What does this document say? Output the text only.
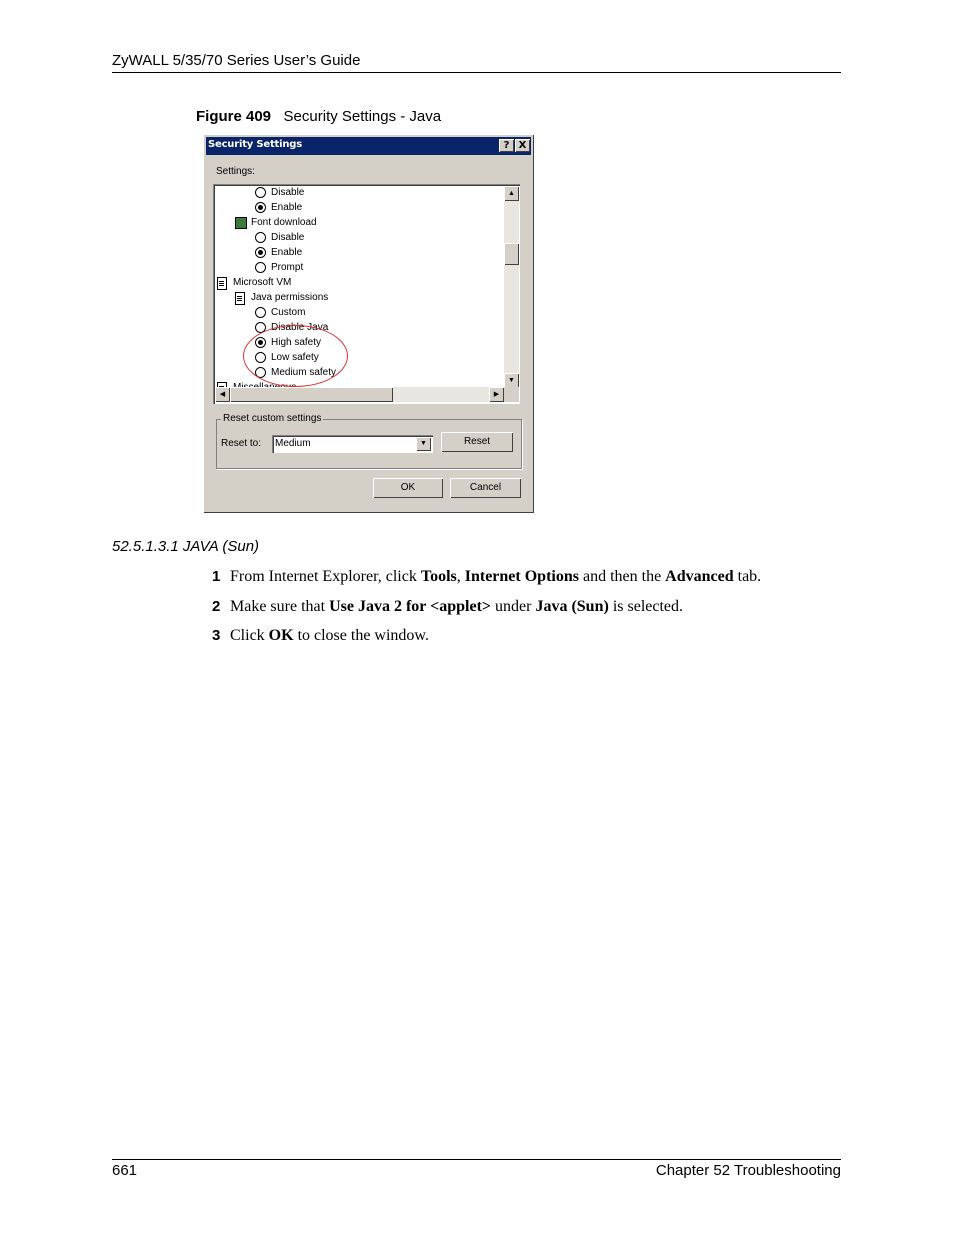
ZyWALL 5/35/70 Series User’s Guide
Figure 409 Security Settings - Java
Security Settings	? X
Settings:
Disable
Enable
Font download
Disable
Enable
Prompt
Microsoft VM
Java permissions
Custom
Disable Java
High safety
Low safety
Medium safety
▲
▼
◀	▶
Reset custom settings
Reset to: Medium	▼	Reset
OK	Cancel
52.5.1.3.1 JAVA (Sun)
1 From Internet Explorer, click Tools, Internet Options and then the Advanced tab.
2 Make sure that Use Java 2 for <applet> under Java (Sun) is selected.
3 Click OK to close the window.
661	Chapter 52 Troubleshooting
